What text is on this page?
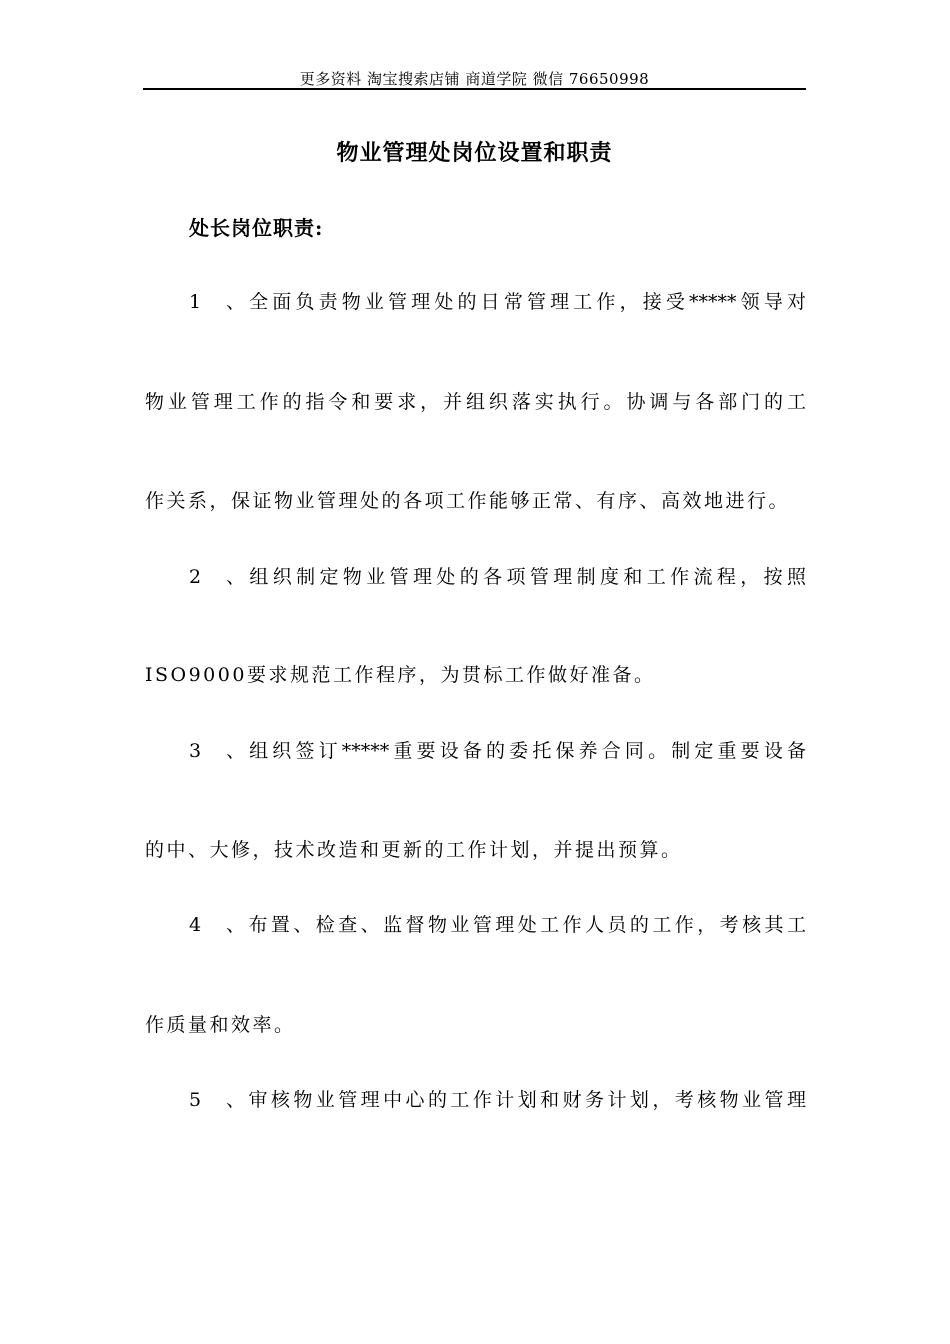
更多资料 淘宝搜索店铺 商道学院 微信 76650998
物业管理处岗位设置和职责
处长岗位职责:
1、全面负责物业管理处的日常管理工作，接受*****领导对
物业管理工作的指令和要求，并组织落实执行。协调与各部门的工
作关系，保证物业管理处的各项工作能够正常、有序、高效地进行。
2、组织制定物业管理处的各项管理制度和工作流程，按照
ISO9000要求规范工作程序，为贯标工作做好准备。
3、组织签订*****重要设备的委托保养合同。制定重要设备
的中、大修，技术改造和更新的工作计划，并提出预算。
4、布置、检查、监督物业管理处工作人员的工作，考核其工
作质量和效率。
5、审核物业管理中心的工作计划和财务计划，考核物业管理
